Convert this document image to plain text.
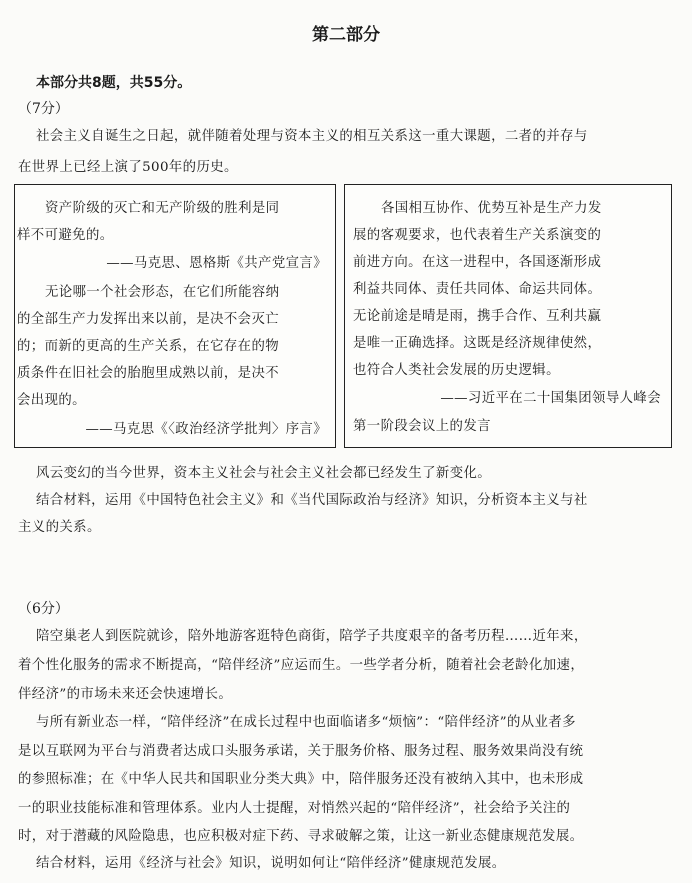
第二部分
本部分共8题，共55分。
（7分）
社会主义自诞生之日起，就伴随着处理与资本主义的相互关系这一重大课题，二者的并存与
在世界上已经上演了500年的历史。
资产阶级的灭亡和无产阶级的胜利是同
样不可避免的。
——马克思、恩格斯《共产党宣言》
无论哪一个社会形态，在它们所能容纳
的全部生产力发挥出来以前，是决不会灭亡
的；而新的更高的生产关系，在它存在的物
质条件在旧社会的胎胞里成熟以前，是决不
会出现的。
——马克思《〈政治经济学批判〉序言》
各国相互协作、优势互补是生产力发
展的客观要求，也代表着生产关系演变的
前进方向。在这一进程中，各国逐渐形成
利益共同体、责任共同体、命运共同体。
无论前途是晴是雨，携手合作、互利共赢
是唯一正确选择。这既是经济规律使然，
也符合人类社会发展的历史逻辑。
——习近平在二十国集团领导人峰会
第一阶段会议上的发言
风云变幻的当今世界，资本主义社会与社会主义社会都已经发生了新变化。
结合材料，运用《中国特色社会主义》和《当代国际政治与经济》知识，分析资本主义与社
主义的关系。
（6分）
陪空巢老人到医院就诊，陪外地游客逛特色商街，陪学子共度艰辛的备考历程……近年来，
着个性化服务的需求不断提高，“陪伴经济”应运而生。一些学者分析，随着社会老龄化加速，
伴经济”的市场未来还会快速增长。
与所有新业态一样，“陪伴经济”在成长过程中也面临诸多“烦恼”：“陪伴经济”的从业者多
是以互联网为平台与消费者达成口头服务承诺，关于服务价格、服务过程、服务效果尚没有统
的参照标准；在《中华人民共和国职业分类大典》中，陪伴服务还没有被纳入其中，也未形成
一的职业技能标准和管理体系。业内人士提醒，对悄然兴起的“陪伴经济”，社会给予关注的
时，对于潜藏的风险隐患，也应积极对症下药、寻求破解之策，让这一新业态健康规范发展。
结合材料，运用《经济与社会》知识，说明如何让“陪伴经济”健康规范发展。
